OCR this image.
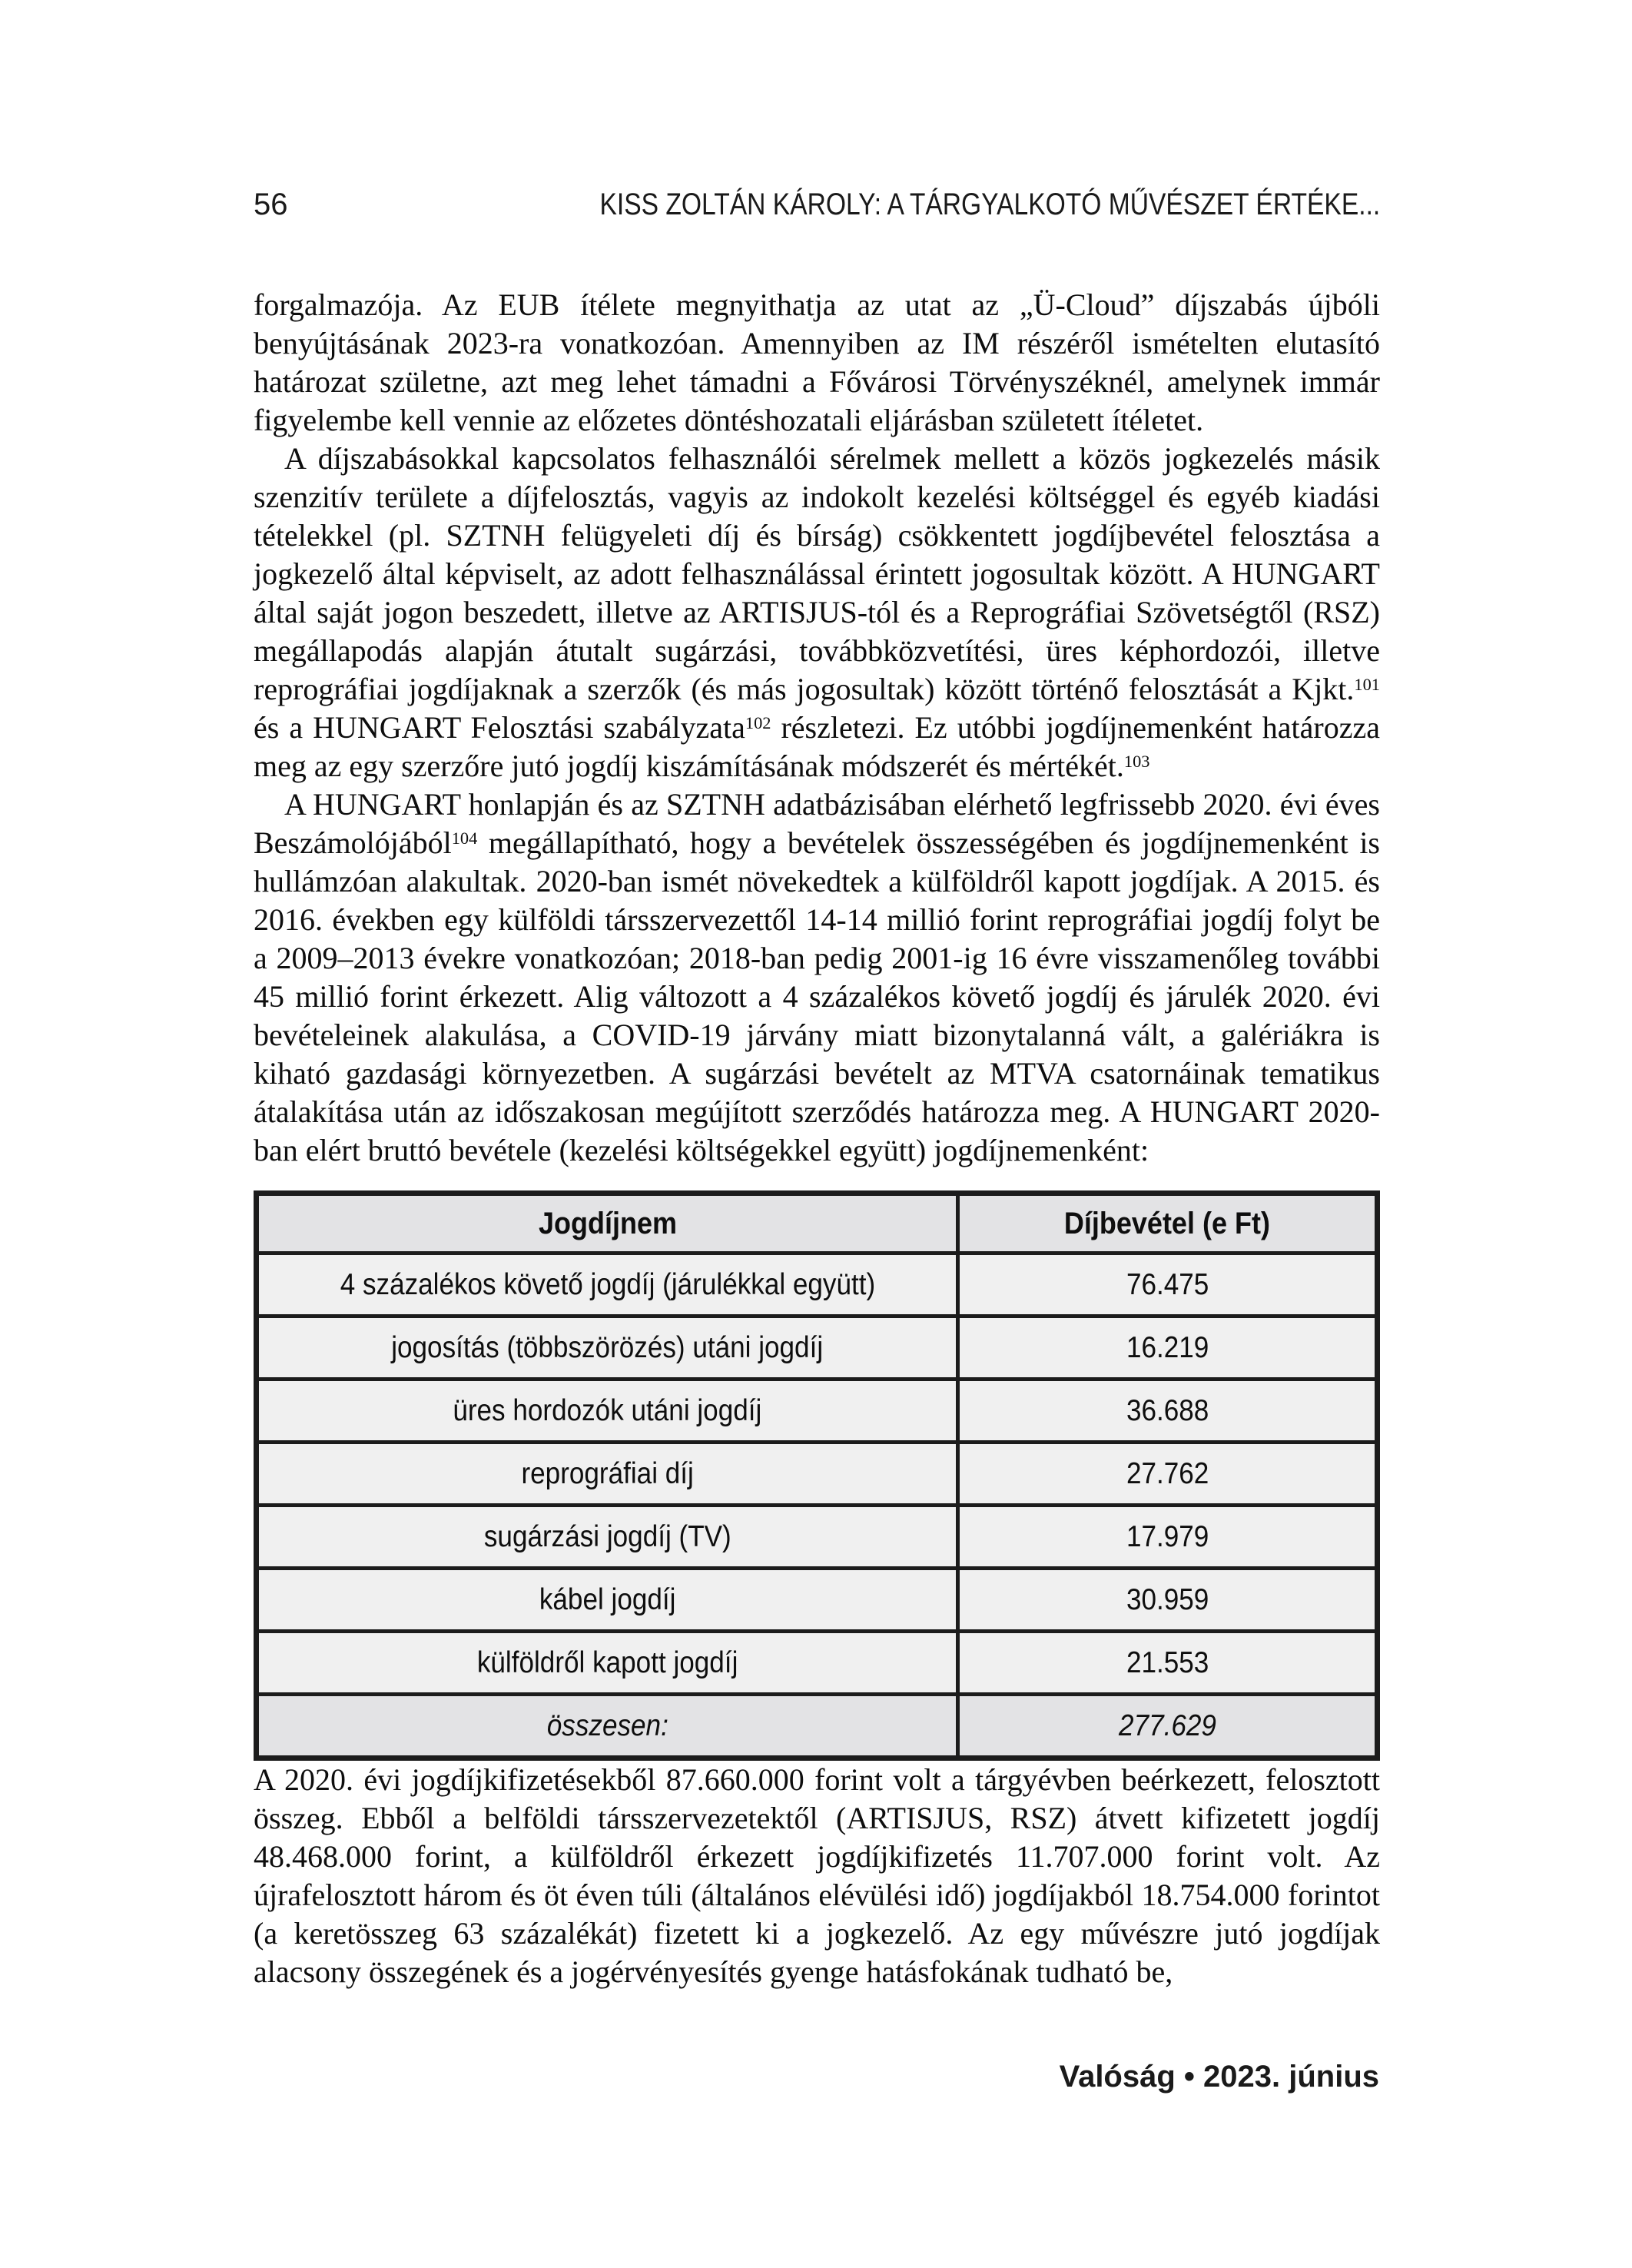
56	KISS ZOLTÁN KÁROLY: A TÁRGYALKOTÓ MŰVÉSZET ÉRTÉKE...

forgalmazója. Az EUB ítélete megnyithatja az utat az „Ü-Cloud” díjszabás újbóli benyújtásának 2023-ra vonatkozóan. Amennyiben az IM részéről ismételten elutasító határozat születne, azt meg lehet támadni a Fővárosi Törvényszéknél, amelynek immár figyelembe kell vennie az előzetes döntéshozatali eljárásban született ítéletet.

A díjszabásokkal kapcsolatos felhasználói sérelmek mellett a közös jogkezelés másik szenzitív területe a díjfelosztás, vagyis az indokolt kezelési költséggel és egyéb kiadási tételekkel (pl. SZTNH felügyeleti díj és bírság) csökkentett jogdíjbevétel felosztása a jogkezelő által képviselt, az adott felhasználással érintett jogosultak között. A HUNGART által saját jogon beszedett, illetve az ARTISJUS-tól és a Reprográfiai Szövetségtől (RSZ) megállapodás alapján átutalt sugárzási, továbbközvetítési, üres képhordozói, illetve reprográfiai jogdíjaknak a szerzők (és más jogosultak) között történő felosztását a Kjkt.$^{101}$ és a HUNGART Felosztási szabályzata$^{102}$ részletezi. Ez utóbbi jogdíjnemenként határozza meg az egy szerzőre jutó jogdíj kiszámításának módszerét és mértékét.$^{103}$

A HUNGART honlapján és az SZTNH adatbázisában elérhető legfrissebb 2020. évi éves Beszámolójából$^{104}$ megállapítható, hogy a bevételek összességében és jogdíjnemenként is hullámzóan alakultak. 2020-ban ismét növekedtek a külföldről kapott jogdíjak. A 2015. és 2016. években egy külföldi társszervezettől 14-14 millió forint reprográfiai jogdíj folyt be a 2009–2013 évekre vonatkozóan; 2018-ban pedig 2001-ig 16 évre visszamenőleg további 45 millió forint érkezett. Alig változott a 4 százalékos követő jogdíj és járulék 2020. évi bevételeinek alakulása, a COVID-19 járvány miatt bizonytalanná vált, a galériákra is kiható gazdasági környezetben. A sugárzási bevételt az MTVA csatornáinak tematikus átalakítása után az időszakosan megújított szerződés határozza meg. A HUNGART 2020-ban elért bruttó bevétele (kezelési költségekkel együtt) jogdíjnemenként:

Jogdíjnem	Díjbevétel (e Ft)
4 százalékos követő jogdíj (járulékkal együtt)	76.475
jogosítás (többszörözés) utáni jogdíj	16.219
üres hordozók utáni jogdíj	36.688
reprográfiai díj	27.762
sugárzási jogdíj (TV)	17.979
kábel jogdíj	30.959
külföldről kapott jogdíj	21.553
összesen:	277.629

A 2020. évi jogdíjkifizetésekből 87.660.000 forint volt a tárgyévben beérkezett, felosztott összeg. Ebből a belföldi társszervezetektől (ARTISJUS, RSZ) átvett kifizetett jogdíj 48.468.000 forint, a külföldről érkezett jogdíjkifizetés 11.707.000 forint volt. Az újrafelosztott három és öt éven túli (általános elévülési idő) jogdíjakból 18.754.000 forintot (a keretösszeg 63 százalékát) fizetett ki a jogkezelő. Az egy művészre jutó jogdíjak alacsony összegének és a jogérvényesítés gyenge hatásfokának tudható be,

Valóság • 2023. június
